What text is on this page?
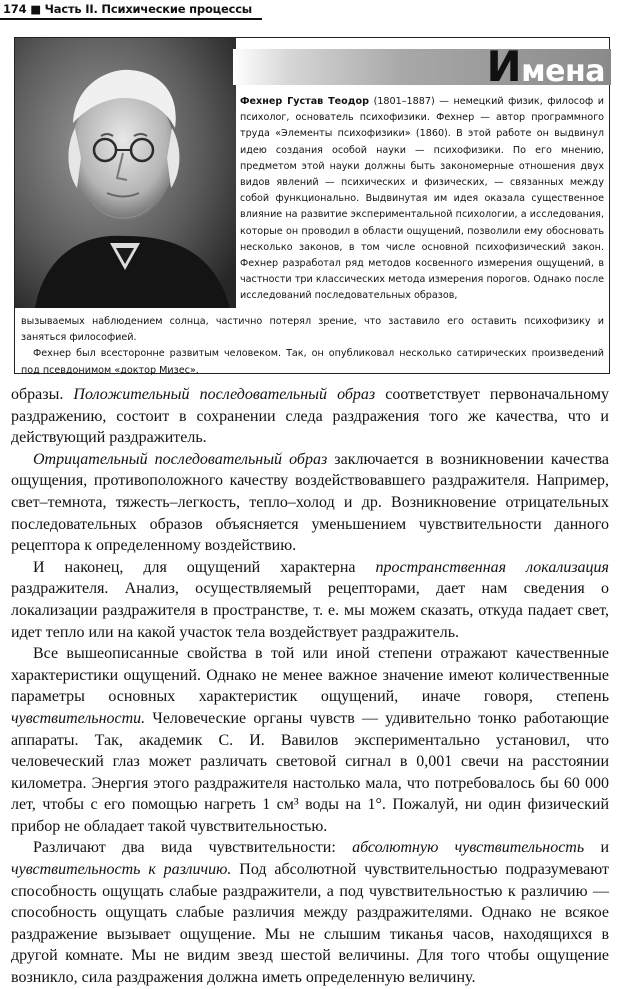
174 ■ Часть II. Психические процессы
Имена
Фехнер Густав Теодор (1801–1887) — немецкий физик, философ и психолог, основатель психофизики. Фехнер — автор программного труда «Элементы психофизики» (1860). В этой работе он выдвинул идею создания особой науки — психофизики. По его мнению, предметом этой науки должны быть закономерные отношения двух видов явлений — психических и физических, — связанных между собой функционально. Выдвинутая им идея оказала существенное влияние на развитие экспериментальной психологии, а исследования, которые он проводил в области ощущений, позволили ему обосновать несколько законов, в том числе основной психофизический закон. Фехнер разработал ряд методов косвенного измерения ощущений, в частности три классических метода измерения порогов. Однако после исследований последовательных образов,

вызываемых наблюдением солнца, частично потерял зрение, что заставило его оставить психофизику и заняться философией.

Фехнер был всесторонне развитым человеком. Так, он опубликовал несколько сатирических произведений под псевдонимом «доктор Мизес».

образы. Положительный последовательный образ соответствует первоначальному раздражению, состоит в сохранении следа раздражения того же качества, что и действующий раздражитель.

Отрицательный последовательный образ заключается в возникновении качества ощущения, противоположного качеству воздействовавшего раздражителя. Например, свет–темнота, тяжесть–легкость, тепло–холод и др. Возникновение отрицательных последовательных образов объясняется уменьшением чувствительности данного рецептора к определенному воздействию.

И наконец, для ощущений характерна пространственная локализация раздражителя. Анализ, осуществляемый рецепторами, дает нам сведения о локализации раздражителя в пространстве, т. е. мы можем сказать, откуда падает свет, идет тепло или на какой участок тела воздействует раздражитель.

Все вышеописанные свойства в той или иной степени отражают качественные характеристики ощущений. Однако не менее важное значение имеют количественные параметры основных характеристик ощущений, иначе говоря, степень чувствительности. Человеческие органы чувств — удивительно тонко работающие аппараты. Так, академик С. И. Вавилов экспериментально установил, что человеческий глаз может различать световой сигнал в 0,001 свечи на расстоянии километра. Энергия этого раздражителя настолько мала, что потребовалось бы 60 000 лет, чтобы с его помощью нагреть 1 см³ воды на 1°. Пожалуй, ни один физический прибор не обладает такой чувствительностью.

Различают два вида чувствительности: абсолютную чувствительность и чувствительность к различию. Под абсолютной чувствительностью подразумевают способность ощущать слабые раздражители, а под чувствительностью к различию — способность ощущать слабые различия между раздражителями. Однако не всякое раздражение вызывает ощущение. Мы не слышим тиканья часов, находящихся в другой комнате. Мы не видим звезд шестой величины. Для того чтобы ощущение возникло, сила раздражения должна иметь определенную величину.
